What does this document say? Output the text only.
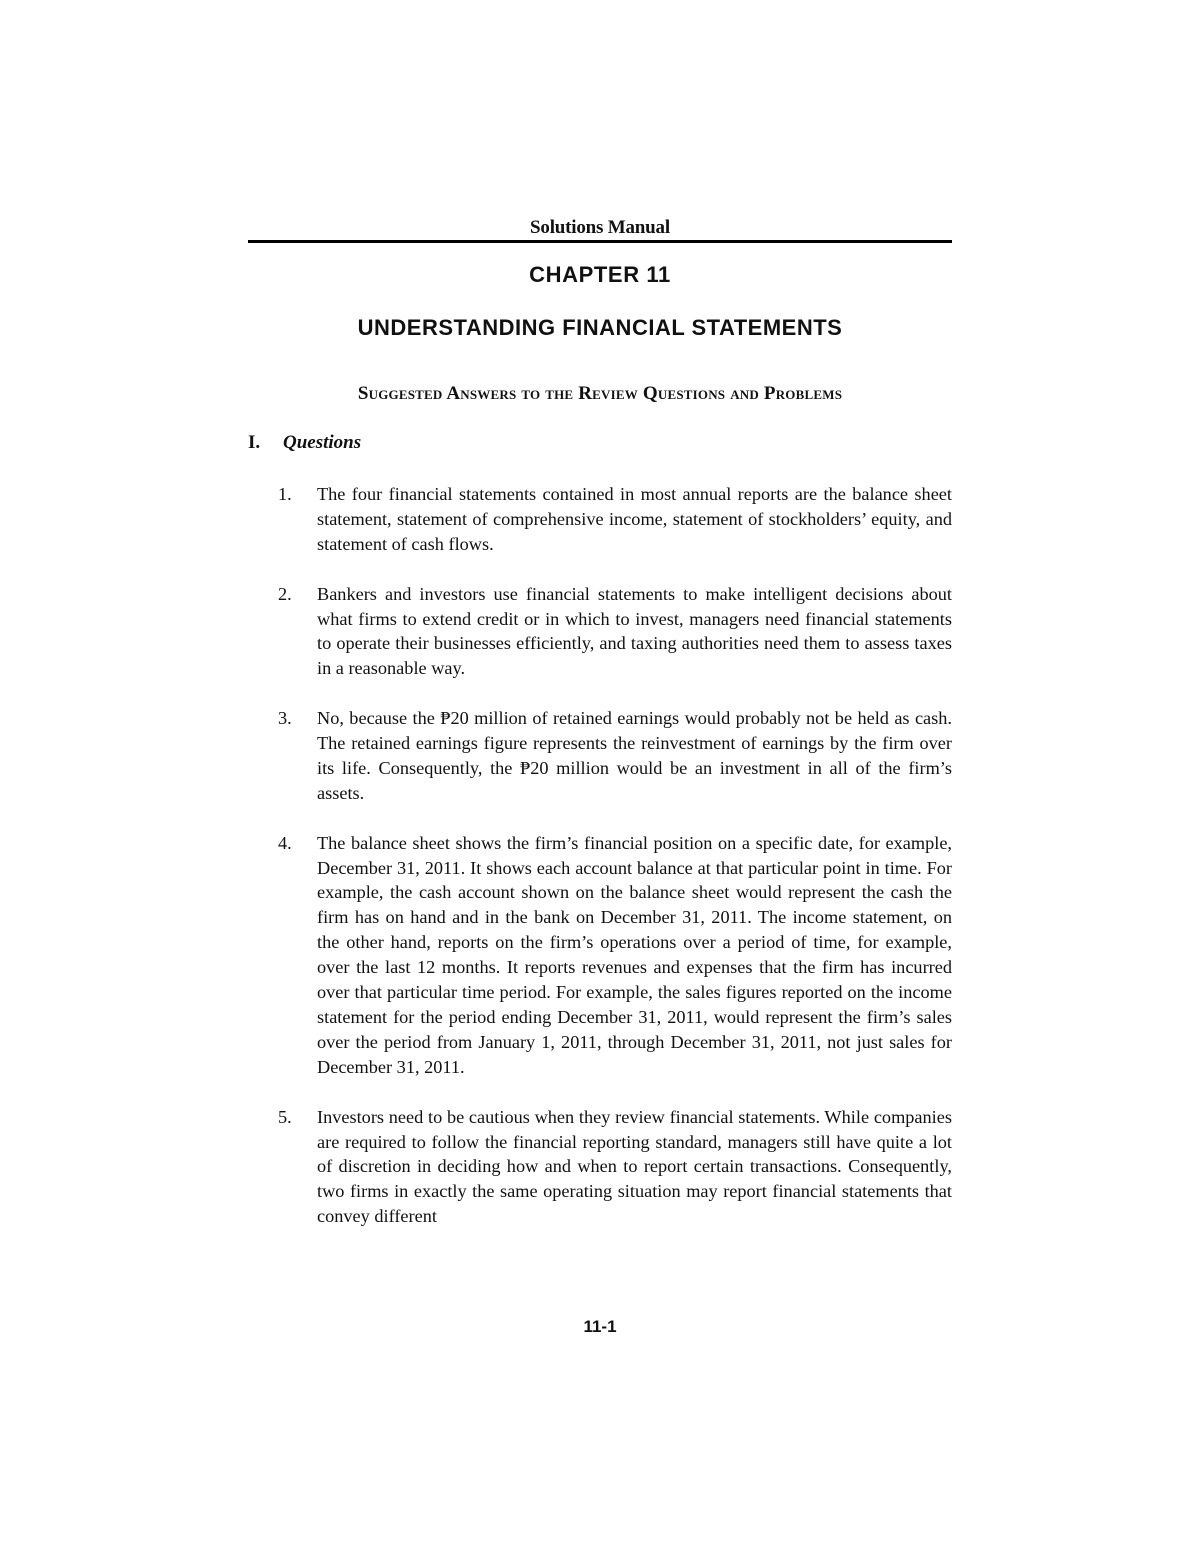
Solutions Manual
CHAPTER 11
UNDERSTANDING FINANCIAL STATEMENTS
Suggested Answers to the Review Questions and Problems
I. Questions
1. The four financial statements contained in most annual reports are the balance sheet statement, statement of comprehensive income, statement of stockholders’ equity, and statement of cash flows.
2. Bankers and investors use financial statements to make intelligent decisions about what firms to extend credit or in which to invest, managers need financial statements to operate their businesses efficiently, and taxing authorities need them to assess taxes in a reasonable way.
3. No, because the ₱20 million of retained earnings would probably not be held as cash. The retained earnings figure represents the reinvestment of earnings by the firm over its life. Consequently, the ₱20 million would be an investment in all of the firm’s assets.
4. The balance sheet shows the firm’s financial position on a specific date, for example, December 31, 2011. It shows each account balance at that particular point in time. For example, the cash account shown on the balance sheet would represent the cash the firm has on hand and in the bank on December 31, 2011. The income statement, on the other hand, reports on the firm’s operations over a period of time, for example, over the last 12 months. It reports revenues and expenses that the firm has incurred over that particular time period. For example, the sales figures reported on the income statement for the period ending December 31, 2011, would represent the firm’s sales over the period from January 1, 2011, through December 31, 2011, not just sales for December 31, 2011.
5. Investors need to be cautious when they review financial statements. While companies are required to follow the financial reporting standard, managers still have quite a lot of discretion in deciding how and when to report certain transactions. Consequently, two firms in exactly the same operating situation may report financial statements that convey different
11-1
